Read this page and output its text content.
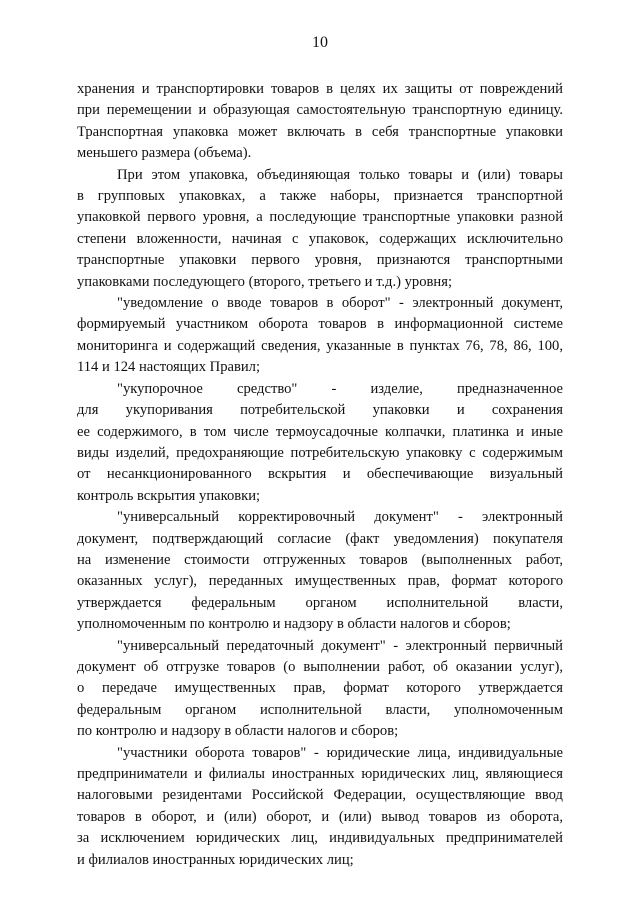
10
хранения и транспортировки товаров в целях их защиты от повреждений
при перемещении и образующая самостоятельную транспортную единицу.
Транспортная упаковка может включать в себя транспортные упаковки
меньшего размера (объема).
При этом упаковка, объединяющая только товары и (или) товары
в групповых упаковках, а также наборы, признается транспортной
упаковкой первого уровня, а последующие транспортные упаковки разной
степени вложенности, начиная с упаковок, содержащих исключительно
транспортные упаковки первого уровня, признаются транспортными
упаковками последующего (второго, третьего и т.д.) уровня;
"уведомление о вводе товаров в оборот" - электронный документ,
формируемый участником оборота товаров в информационной системе
мониторинга и содержащий сведения, указанные в пунктах 76, 78, 86, 100,
114 и 124 настоящих Правил;
"укупорочное средство" - изделие, предназначенное
для укупоривания потребительской упаковки и сохранения
ее содержимого, в том числе термоусадочные колпачки, платинка и иные
виды изделий, предохраняющие потребительскую упаковку с содержимым
от несанкционированного вскрытия и обеспечивающие визуальный
контроль вскрытия упаковки;
"универсальный корректировочный документ" - электронный
документ, подтверждающий согласие (факт уведомления) покупателя
на изменение стоимости отгруженных товаров (выполненных работ,
оказанных услуг), переданных имущественных прав, формат которого
утверждается федеральным органом исполнительной власти,
уполномоченным по контролю и надзору в области налогов и сборов;
"универсальный передаточный документ" - электронный первичный
документ об отгрузке товаров (о выполнении работ, об оказании услуг),
о передаче имущественных прав, формат которого утверждается
федеральным органом исполнительной власти, уполномоченным
по контролю и надзору в области налогов и сборов;
"участники оборота товаров" - юридические лица, индивидуальные
предприниматели и филиалы иностранных юридических лиц, являющиеся
налоговыми резидентами Российской Федерации, осуществляющие ввод
товаров в оборот, и (или) оборот, и (или) вывод товаров из оборота,
за исключением юридических лиц, индивидуальных предпринимателей
и филиалов иностранных юридических лиц;
